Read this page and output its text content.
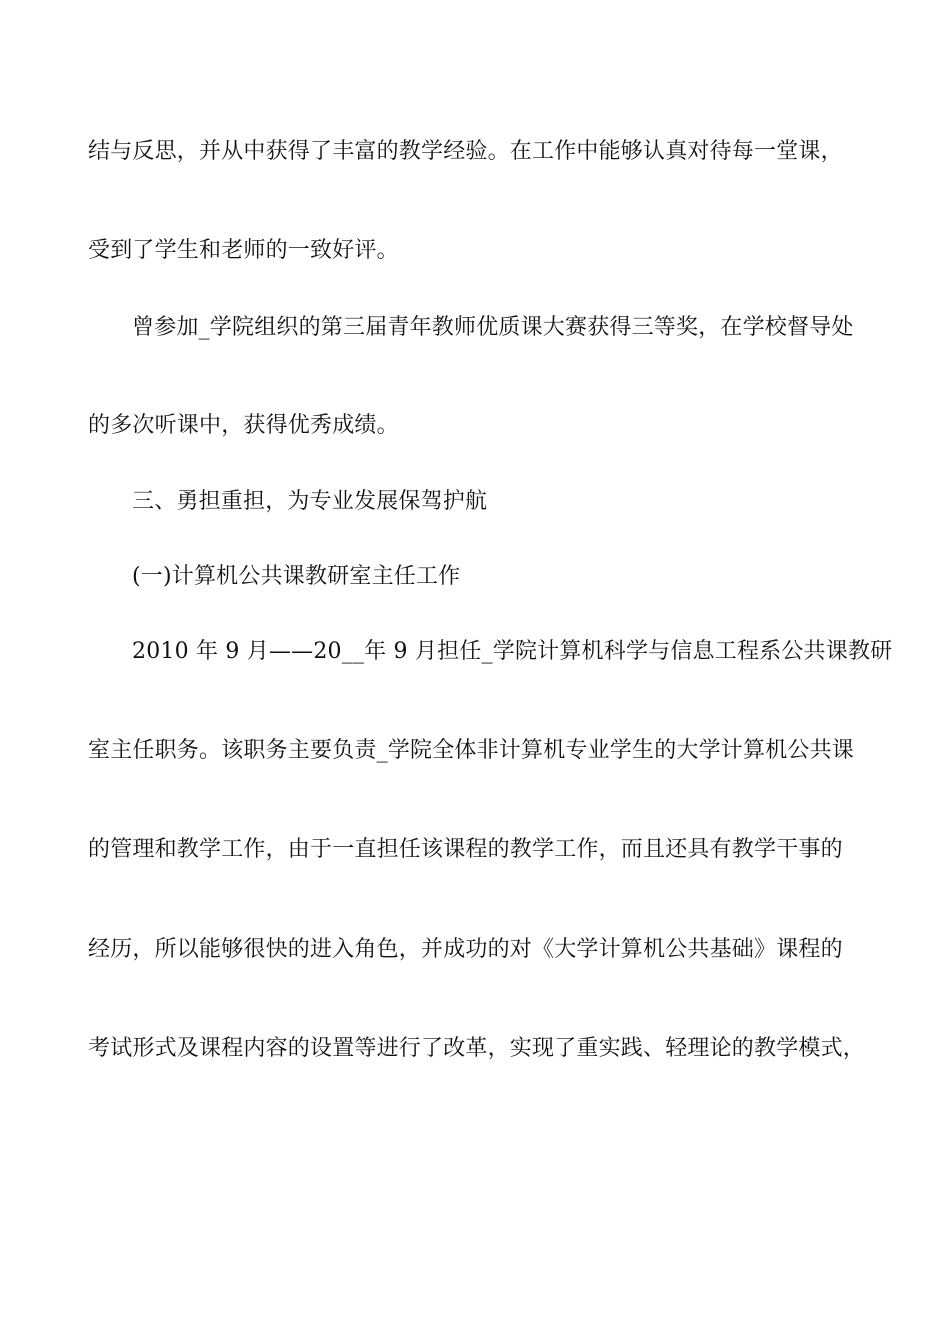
结与反思，并从中获得了丰富的教学经验。在工作中能够认真对待每一堂课，
受到了学生和老师的一致好评。
曾参加_学院组织的第三届青年教师优质课大赛获得三等奖，在学校督导处
的多次听课中，获得优秀成绩。
三、勇担重担，为专业发展保驾护航
(一)计算机公共课教研室主任工作
2010 年 9 月——20__年 9 月担任_学院计算机科学与信息工程系公共课教研
室主任职务。该职务主要负责_学院全体非计算机专业学生的大学计算机公共课
的管理和教学工作，由于一直担任该课程的教学工作，而且还具有教学干事的
经历，所以能够很快的进入角色，并成功的对《大学计算机公共基础》课程的
考试形式及课程内容的设置等进行了改革，实现了重实践、轻理论的教学模式，
